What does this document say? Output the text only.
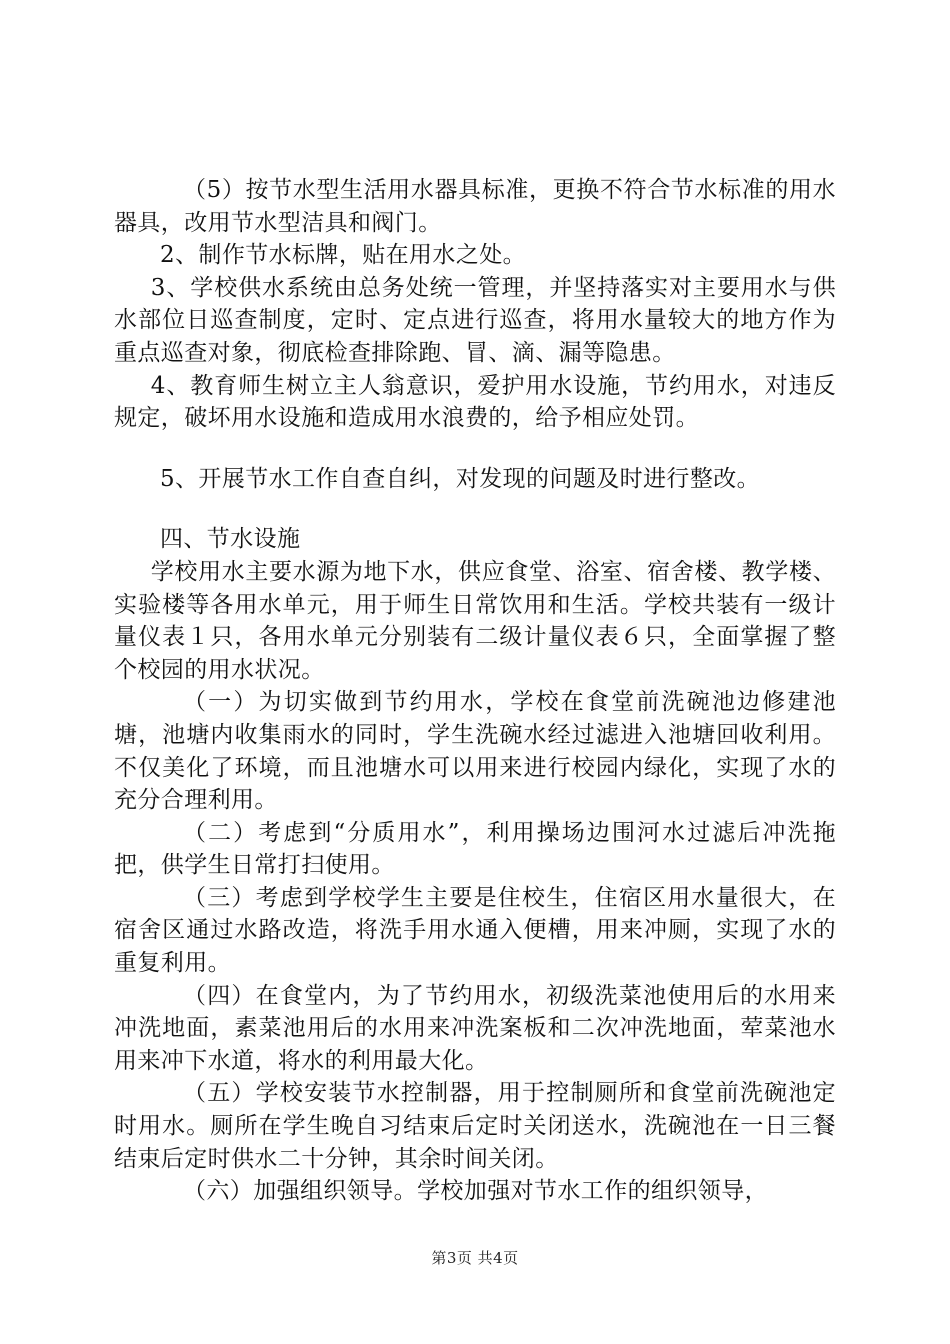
（5）按节水型生活用水器具标准，更换不符合节水标准的用水器具，改用节水型洁具和阀门。

2、制作节水标牌，贴在用水之处。

3、学校供水系统由总务处统一管理，并坚持落实对主要用水与供水部位日巡查制度，定时、定点进行巡查，将用水量较大的地方作为重点巡查对象，彻底检查排除跑、冒、滴、漏等隐患。

4、教育师生树立主人翁意识，爱护用水设施，节约用水，对违反规定，破坏用水设施和造成用水浪费的，给予相应处罚。

5、开展节水工作自查自纠，对发现的问题及时进行整改。

四、节水设施

学校用水主要水源为地下水，供应食堂、浴室、宿舍楼、教学楼、实验楼等各用水单元，用于师生日常饮用和生活。学校共装有一级计量仪表１只，各用水单元分别装有二级计量仪表６只，全面掌握了整个校园的用水状况。

（一）为切实做到节约用水，学校在食堂前洗碗池边修建池塘，池塘内收集雨水的同时，学生洗碗水经过滤进入池塘回收利用。不仅美化了环境，而且池塘水可以用来进行校园内绿化，实现了水的充分合理利用。

（二）考虑到“分质用水”，利用操场边围河水过滤后冲洗拖把，供学生日常打扫使用。

（三）考虑到学校学生主要是住校生，住宿区用水量很大，在宿舍区通过水路改造，将洗手用水通入便槽，用来冲厕，实现了水的重复利用。

（四）在食堂内，为了节约用水，初级洗菜池使用后的水用来冲洗地面，素菜池用后的水用来冲洗案板和二次冲洗地面，荤菜池水用来冲下水道，将水的利用最大化。

（五）学校安装节水控制器，用于控制厕所和食堂前洗碗池定时用水。厕所在学生晚自习结束后定时关闭送水，洗碗池在一日三餐结束后定时供水二十分钟，其余时间关闭。

（六）加强组织领导。学校加强对节水工作的组织领导，

第3页 共4页
